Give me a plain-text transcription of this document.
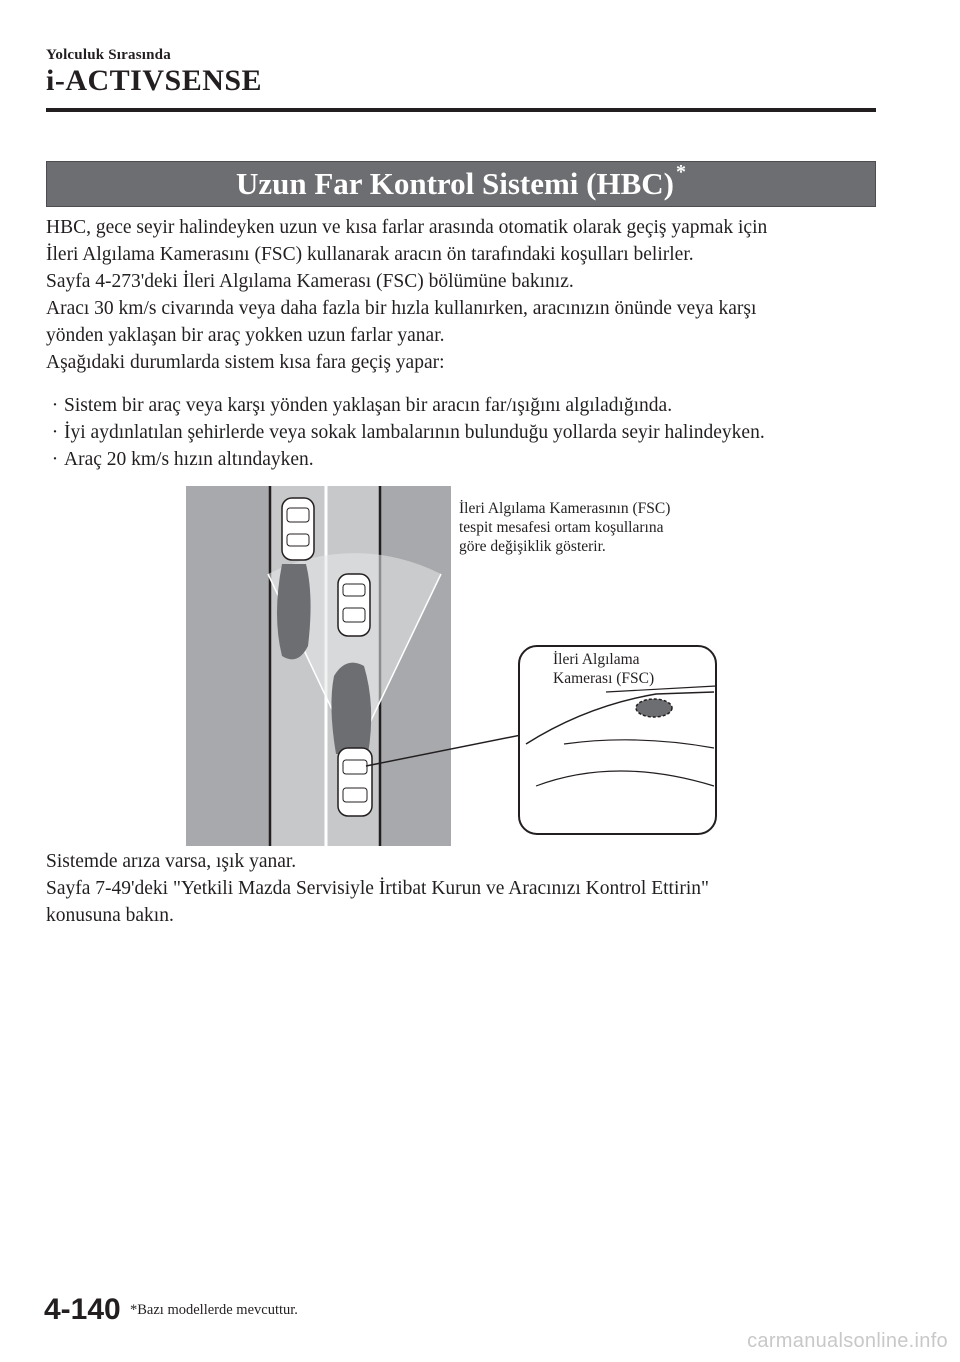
Yolculuk Sırasında
i-ACTIVSENSE
Uzun Far Kontrol Sistemi (HBC) *

HBC, gece seyir halindeyken uzun ve kısa farlar arasında otomatik olarak geçiş yapmak için

İleri Algılama Kamerasını (FSC) kullanarak aracın ön tarafındaki koşulları belirler.

Sayfa 4-273'deki İleri Algılama Kamerası (FSC) bölümüne bakınız.

Aracı 30 km/s civarında veya daha fazla bir hızla kullanırken, aracınızın önünde veya karşı

yönden yaklaşan bir araç yokken uzun farlar yanar.

Aşağıdaki durumlarda sistem kısa fara geçiş yapar:

· Sistem bir araç veya karşı yönden yaklaşan bir aracın far/ışığını algıladığında.
· İyi aydınlatılan şehirlerde veya sokak lambalarının bulunduğu yollarda seyir halindeyken.
· Araç 20 km/s hızın altındayken.
İleri Algılama Kamerasının (FSC)
tespit mesafesi ortam koşullarına
göre değişiklik gösterir.
İleri Algılama
Kamerası (FSC)

Sistemde arıza varsa, ışık yanar.

Sayfa 7-49'deki "Yetkili Mazda Servisiyle İrtibat Kurun ve Aracınızı Kontrol Ettirin"

konusuna bakın.

4-140 *Bazı modellerde mevcuttur.
carmanualsonline.info
